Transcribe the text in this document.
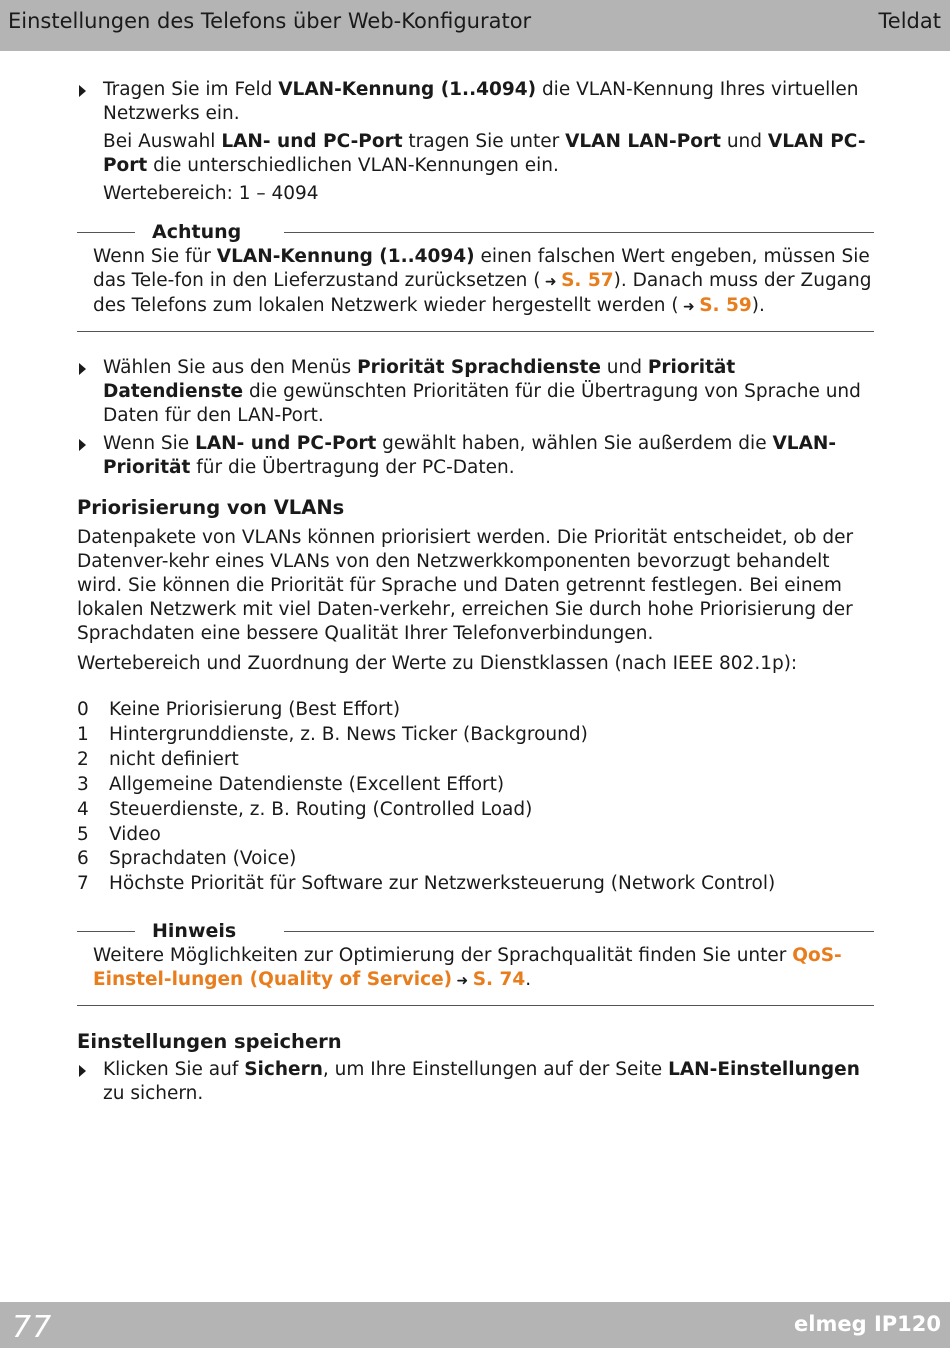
Einstellungen des Telefons über Web-Konfigurator	Teldat
Tragen Sie im Feld VLAN-Kennung (1..4094) die VLAN-Kennung Ihres virtuellen Netzwerks ein.
Bei Auswahl LAN- und PC-Port tragen Sie unter VLAN LAN-Port und VLAN PC-Port die unterschiedlichen VLAN-Kennungen ein.
Wertebereich: 1 – 4094
Achtung
Wenn Sie für VLAN-Kennung (1..4094) einen falschen Wert engeben, müssen Sie das Tele-fon in den Lieferzustand zurücksetzen ( ➜ S. 57). Danach muss der Zugang des Telefons zum lokalen Netzwerk wieder hergestellt werden ( ➜ S. 59).
Wählen Sie aus den Menüs Priorität Sprachdienste und Priorität Datendienste die gewünschten Prioritäten für die Übertragung von Sprache und Daten für den LAN-Port.
Wenn Sie LAN- und PC-Port gewählt haben, wählen Sie außerdem die VLAN-Priorität für die Übertragung der PC-Daten.
Priorisierung von VLANs
Datenpakete von VLANs können priorisiert werden. Die Priorität entscheidet, ob der Datenver-kehr eines VLANs von den Netzwerkkomponenten bevorzugt behandelt wird. Sie können die Priorität für Sprache und Daten getrennt festlegen. Bei einem lokalen Netzwerk mit viel Daten-verkehr, erreichen Sie durch hohe Priorisierung der Sprachdaten eine bessere Qualität Ihrer Telefonverbindungen.
Wertebereich und Zuordnung der Werte zu Dienstklassen (nach IEEE 802.1p):
0	Keine Priorisierung (Best Effort)
1	Hintergrunddienste, z. B. News Ticker (Background)
2	nicht definiert
3	Allgemeine Datendienste (Excellent Effort)
4	Steuerdienste, z. B. Routing (Controlled Load)
5	Video
6	Sprachdaten (Voice)
7	Höchste Priorität für Software zur Netzwerksteuerung (Network Control)
Hinweis
Weitere Möglichkeiten zur Optimierung der Sprachqualität finden Sie unter QoS-Einstel-lungen (Quality of Service) ➜ S. 74.
Einstellungen speichern
Klicken Sie auf Sichern, um Ihre Einstellungen auf der Seite LAN-Einstellungen zu sichern.
77	elmeg IP120
